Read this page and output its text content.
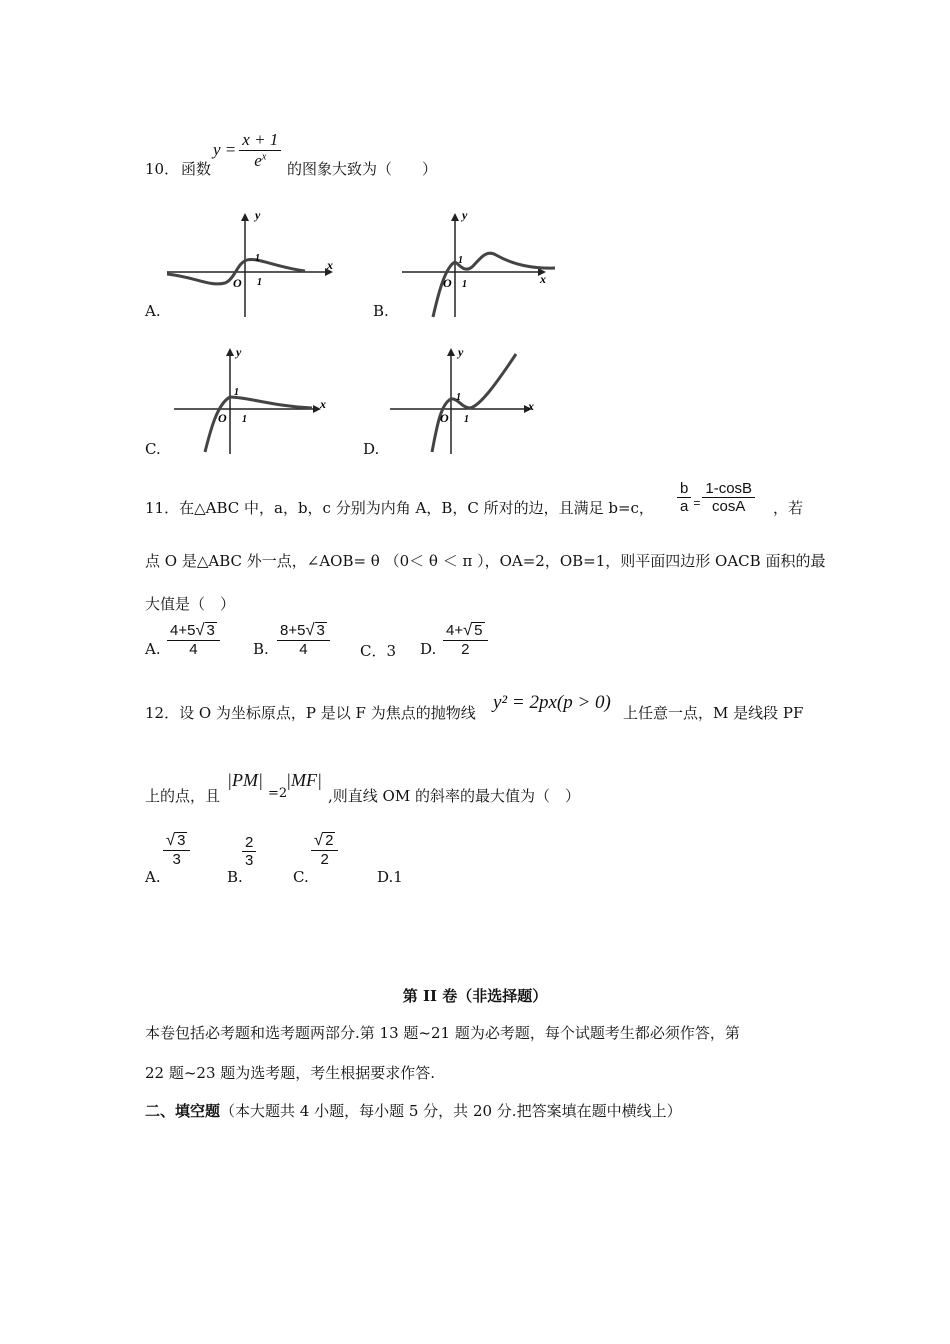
10． 函数
$y = \frac{x + 1}{e^x}$ 的图象大致为（　　）
y
x
O 1
1
A.
y
x
O 1
1
B.
y
x
O 1
1
C.
y
x
O 1
1
D.
11．在△ABC 中，a，b，c 分别为内角 A，B，C 所对的边，且满足 b=c， $\frac{b}{a} = \frac{1-\cos B}{\cos A}$ ，若
点 O 是△ABC 外一点，∠AOB= θ （0＜ θ ＜ π ），OA=2，OB=1，则平面四边形 OACB 面积的最
大值是（　）
A. $\frac{4+5 √ 3}{4} B$. $\frac{8+5 √ 3}{4}$ C．3 D. $\frac{4+ √ 5}{2}$
12．设 O 为坐标原点，P 是以 F 为焦点的抛物线 y² = 2px(p > 0) 上任意一点，M 是线段 PF
上的点，且
|PM|
=2
|MF|
,则直线 OM 的斜率的最大值为（　）
A.
$\frac{√ 3}{3}$
B.
$\frac{2}{3}$
C.
$\frac{√ 2}{2}$
D.1
第 II 卷（非选择题）
本卷包括必考题和选考题两部分.第 13 题~21 题为必考题，每个试题考生都必须作答，第
22 题~23 题为选考题，考生根据要求作答.
二、填空题（本大题共 4 小题，每小题 5 分，共 20 分.把答案填在题中横线上）
